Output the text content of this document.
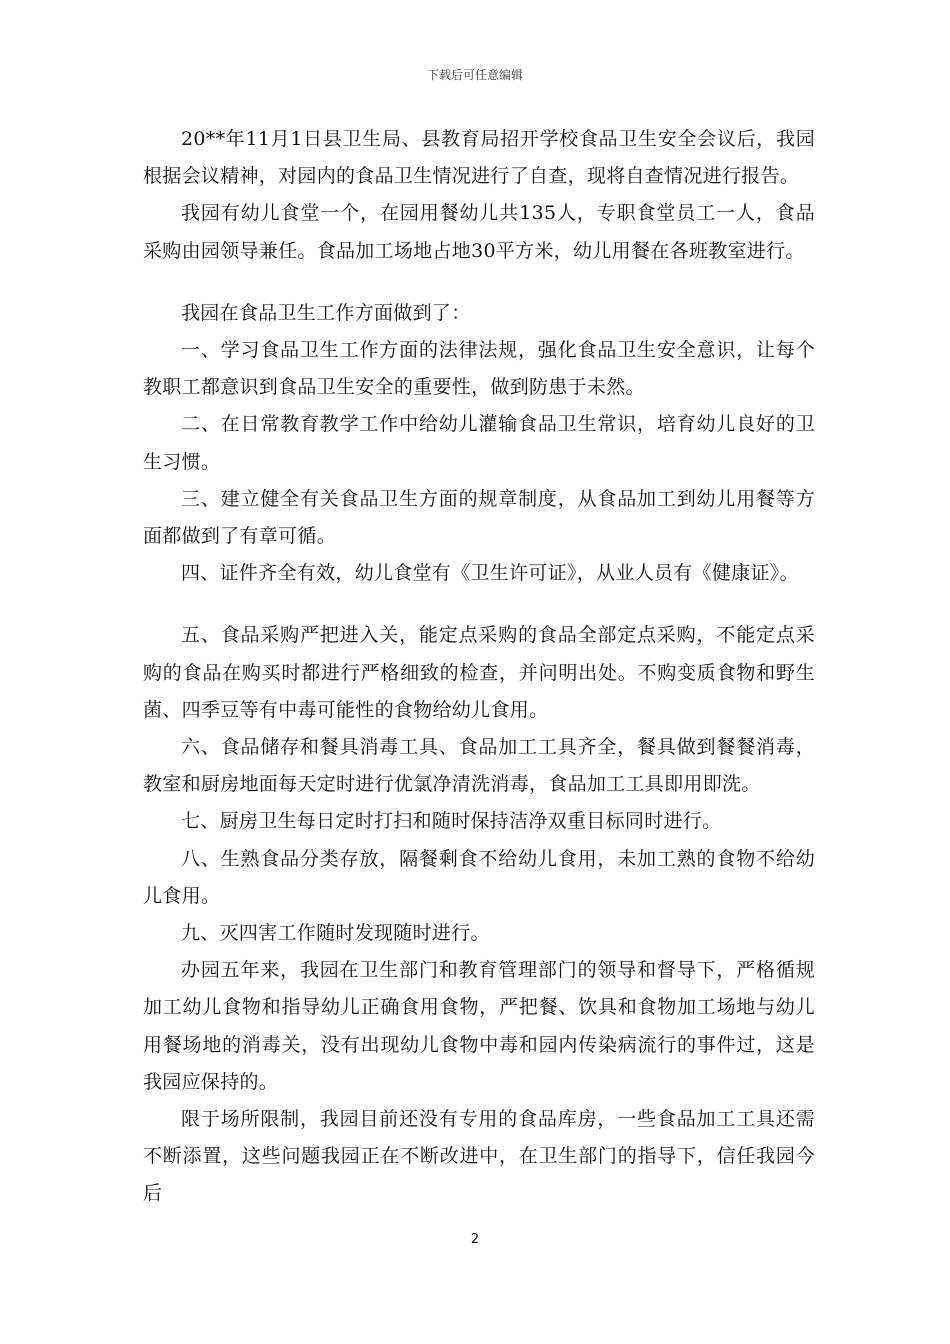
下载后可任意编辑

20**年11月1日县卫生局、县教育局招开学校食品卫生安全会议后，我园根据会议精神，对园内的食品卫生情况进行了自查，现将自查情况进行报告。

我园有幼儿食堂一个，在园用餐幼儿共135人，专职食堂员工一人，食品采购由园领导兼任。食品加工场地占地30平方米，幼儿用餐在各班教室进行。

我园在食品卫生工作方面做到了：

一、学习食品卫生工作方面的法律法规，强化食品卫生安全意识，让每个教职工都意识到食品卫生安全的重要性，做到防患于未然。

二、在日常教育教学工作中给幼儿灌输食品卫生常识，培育幼儿良好的卫生习惯。

三、建立健全有关食品卫生方面的规章制度，从食品加工到幼儿用餐等方面都做到了有章可循。

四、证件齐全有效，幼儿食堂有《卫生许可证》，从业人员有《健康证》。

五、食品采购严把进入关，能定点采购的食品全部定点采购，不能定点采购的食品在购买时都进行严格细致的检查，并问明出处。不购变质食物和野生菌、四季豆等有中毒可能性的食物给幼儿食用。

六、食品储存和餐具消毒工具、食品加工工具齐全，餐具做到餐餐消毒，教室和厨房地面每天定时进行优氯净清洗消毒，食品加工工具即用即洗。

七、厨房卫生每日定时打扫和随时保持洁净双重目标同时进行。

八、生熟食品分类存放，隔餐剩食不给幼儿食用，未加工熟的食物不给幼儿食用。

九、灭四害工作随时发现随时进行。

办园五年来，我园在卫生部门和教育管理部门的领导和督导下，严格循规加工幼儿食物和指导幼儿正确食用食物，严把餐、饮具和食物加工场地与幼儿用餐场地的消毒关，没有出现幼儿食物中毒和园内传染病流行的事件过，这是我园应保持的。

限于场所限制，我园目前还没有专用的食品库房，一些食品加工工具还需不断添置，这些问题我园正在不断改进中，在卫生部门的指导下，信任我园今后

2
